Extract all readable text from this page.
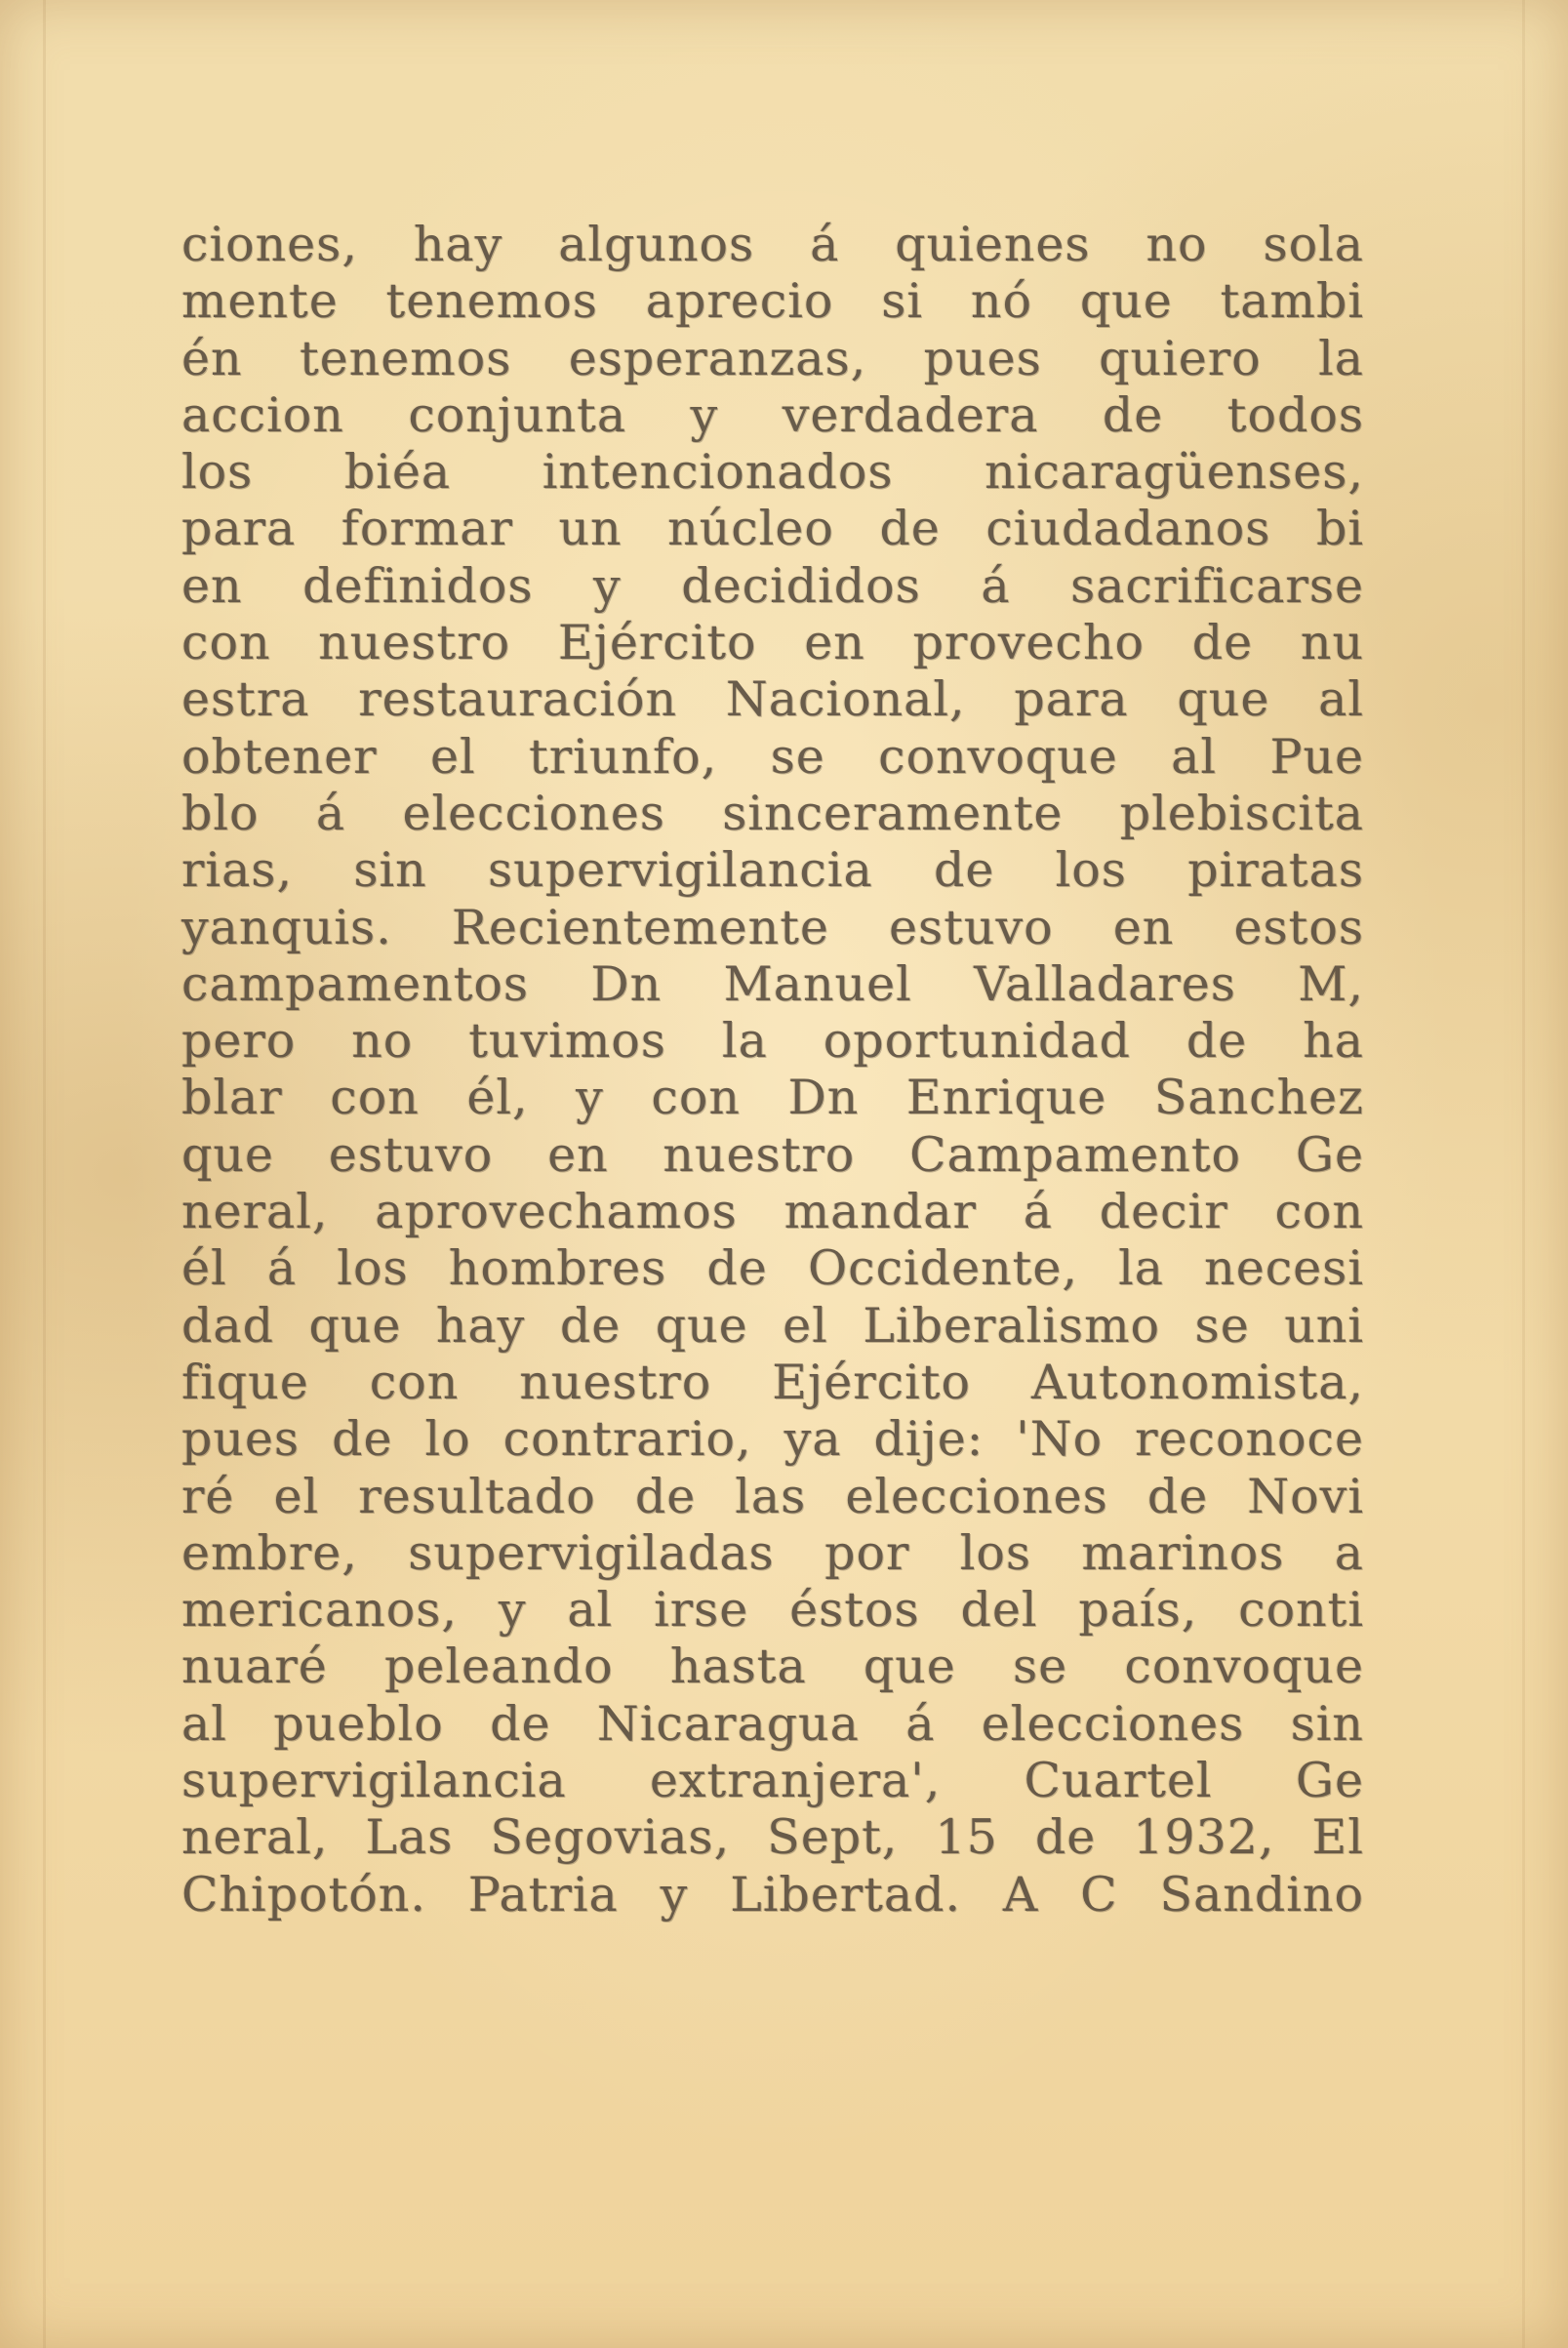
ciones, hay algunos á quienes no sola
mente tenemos aprecio si nó que tambi
én tenemos esperanzas, pues quiero la
accion conjunta y verdadera de todos
los biéa intencionados nicaragüenses,
para formar un núcleo de ciudadanos bi
en definidos y decididos á sacrificarse
con nuestro Ejército en provecho de nu
estra restauración Nacional, para que al
obtener el triunfo, se convoque al Pue
blo á elecciones sinceramente plebiscita
rias, sin supervigilancia de los piratas
yanquis. Recientemente estuvo en estos
campamentos Dn Manuel Valladares M,
pero no tuvimos la oportunidad de ha
blar con él, y con Dn Enrique Sanchez
que estuvo en nuestro Campamento Ge
neral, aprovechamos mandar á decir con
él á los hombres de Occidente, la necesi
dad que hay de que el Liberalismo se uni
fique con nuestro Ejército Autonomista,
pues de lo contrario, ya dije: 'No reconoce
ré el resultado de las elecciones de Novi
embre, supervigiladas por los marinos a
mericanos, y al irse éstos del país, conti
nuaré peleando hasta que se convoque
al pueblo de Nicaragua á elecciones sin
supervigilancia extranjera', Cuartel Ge
neral, Las Segovias, Sept, 15 de 1932, El
Chipotón. Patria y Libertad. A C Sandino
